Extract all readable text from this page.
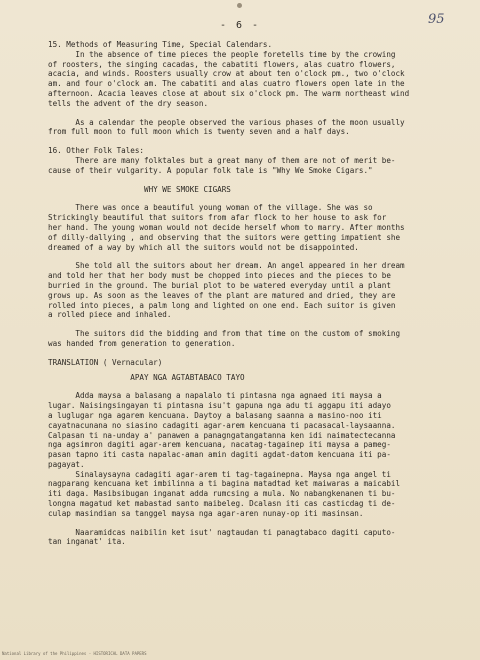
- 6 -	95

15. Methods of Measuring Time, Special Calendars.

In the absence of time pieces the people foretells time by the crowing

of roosters, the singing cacadas, the cabatiti flowers, alas cuatro flowers,

acacia, and winds. Roosters usually crow at about ten o'clock pm., two o'clock

am. and four o'clock am. The cabatiti and alas cuatro flowers open late in the

afternoon. Acacia leaves close at about six o'clock pm. The warm northeast wind

tells the advent of the dry season.

As a calendar the people observed the various phases of the moon usually

from full moon to full moon which is twenty seven and a half days.

16. Other Folk Tales:

There are many folktales but a great many of them are not of merit be-

cause of their vulgarity. A popular folk tale is "Why We Smoke Cigars."

WHY WE SMOKE CIGARS

There was once a beautiful young woman of the village. She was so

Strickingly beautiful that suitors from afar flock to her house to ask for

her hand. The young woman would not decide herself whom to marry. After months

of dilly-dallying , and observing that the suitors were getting impatient she

dreamed of a way by which all the suitors would not be disappointed.

She told all the suitors about her dream. An angel appeared in her dream

and told her that her body must be chopped into pieces and the pieces to be

burried in the ground. The burial plot to be watered everyday until a plant

grows up. As soon as the leaves of the plant are matured and dried, they are

rolled into pieces, a palm long and lighted on one end. Each suitor is given

a rolled piece and inhaled.

The suitors did the bidding and from that time on the custom of smoking

was handed from generation to generation.

TRANSLATION ( Vernacular)

APAY NGA AGTABTABACO TAYO

Adda maysa a balasang a napalalo ti pintasna nga agnaed iti maysa a

lugar. Naisingsingayan ti pintasna isu't gapuna nga adu ti aggapu iti adayo

a luglugar nga agarem kencuana. Daytoy a balasang saanna a masino-noo iti

cayatnacunana no siasino cadagiti agar-arem kencuana ti pacasacal-laysaanna.

Calpasan ti na-unday a' panawen a panagngatangatanna ken idi naimatectecanna

nga agsimron dagiti agar-arem kencuana, nacatag-tagainep iti maysa a pameg-

pasan tapno iti casta napalac-aman amin dagiti agdat-datom kencuana iti pa-

pagayat.

Sinalaysayna cadagiti agar-arem ti tag-tagainepna. Maysa nga angel ti

nagparang kencuana ket imbilinna a ti bagina matadtad ket maiwaras a maicabil

iti daga. Masibsibugan inganat adda rumcsing a mula. No nabangkenanen ti bu-

longna magatud ket mabastad santo maibeleg. Dcalasn iti cas casticdag ti de-

culap masindian sa tanggel maysa nga agar-aren nunay-op iti masinsan.

Naaramidcas naibilin ket isut' nagtaudan ti panagtabaco dagiti caputo-

tan inganat' ita.

National Library of the Philippines - HISTORICAL DATA PAPERS
